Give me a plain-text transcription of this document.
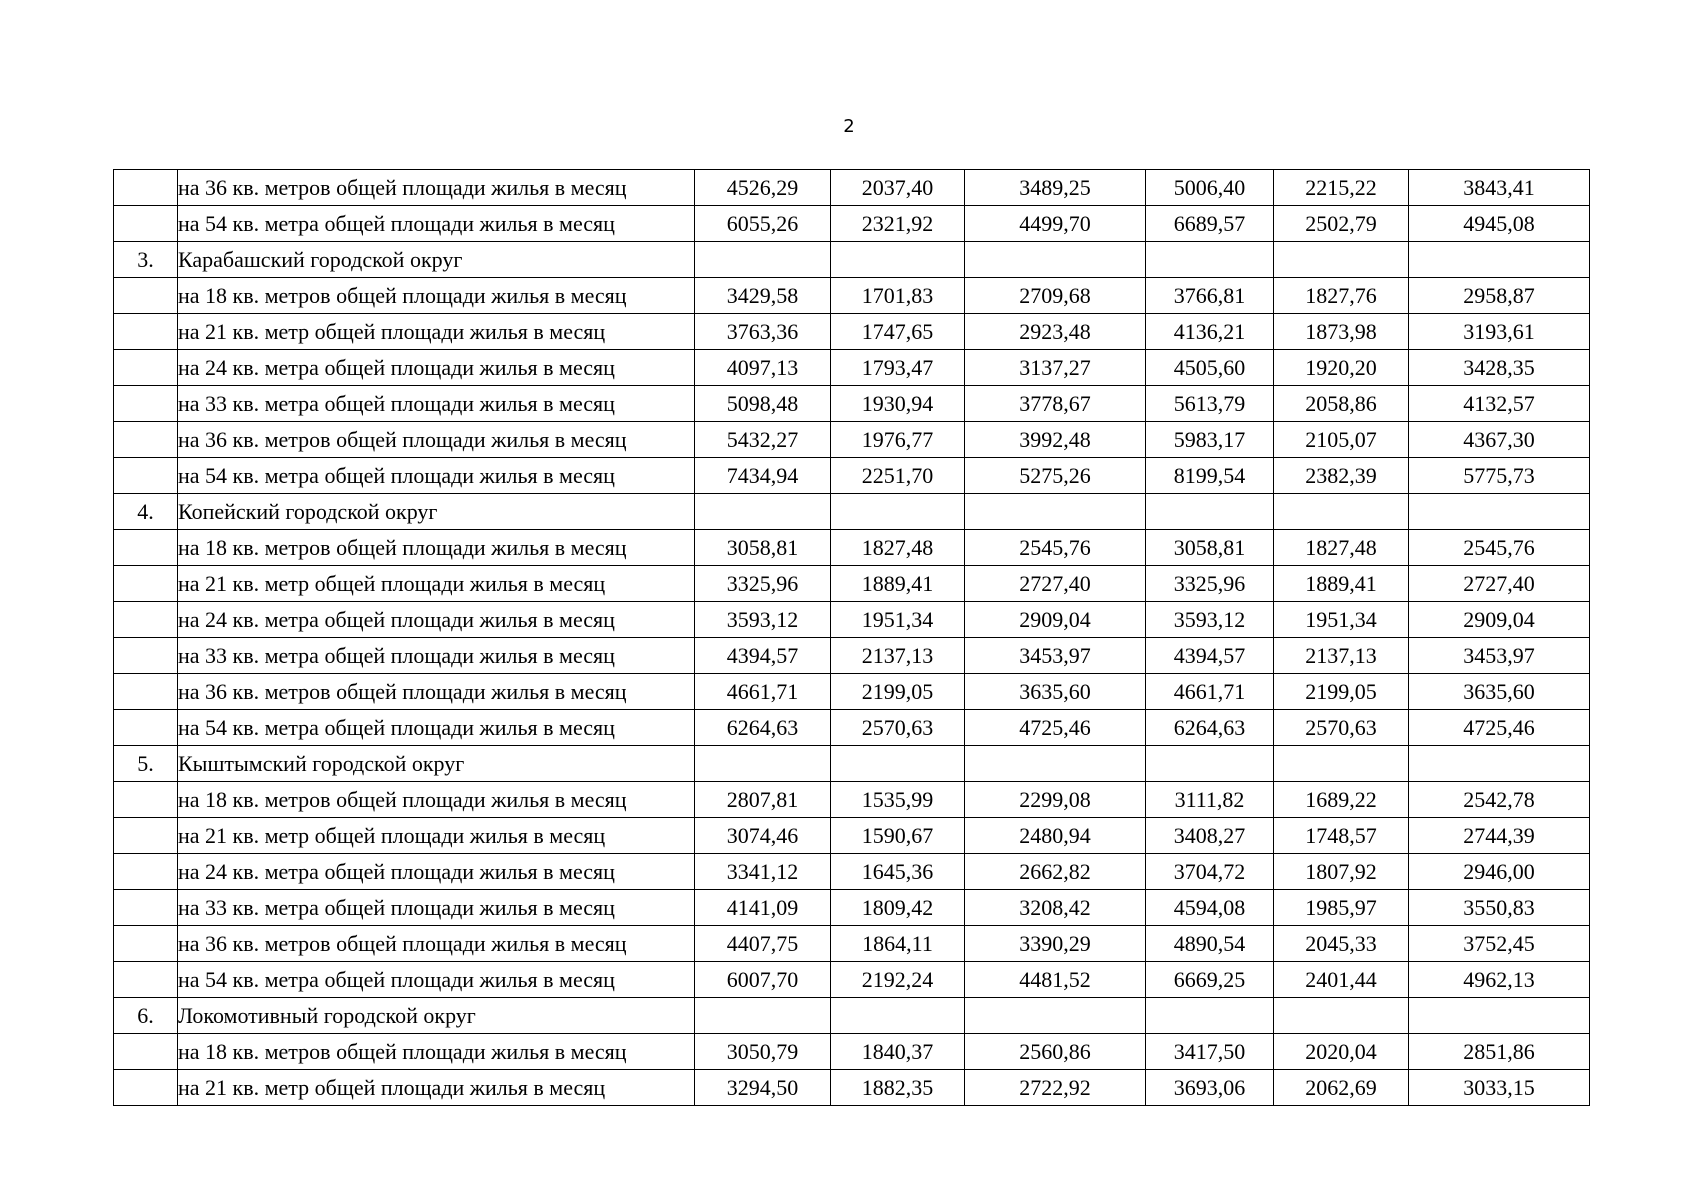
2
	на 36 кв. метров общей площади жилья в месяц	4526,29	2037,40	3489,25	5006,40	2215,22	3843,41
	на 54 кв. метра общей площади жилья в месяц	6055,26	2321,92	4499,70	6689,57	2502,79	4945,08
3.	Карабашский городской округ						
	на 18 кв. метров общей площади жилья в месяц	3429,58	1701,83	2709,68	3766,81	1827,76	2958,87
	на 21 кв. метр общей площади жилья в месяц	3763,36	1747,65	2923,48	4136,21	1873,98	3193,61
	на 24 кв. метра общей площади жилья в месяц	4097,13	1793,47	3137,27	4505,60	1920,20	3428,35
	на 33 кв. метра общей площади жилья в месяц	5098,48	1930,94	3778,67	5613,79	2058,86	4132,57
	на 36 кв. метров общей площади жилья в месяц	5432,27	1976,77	3992,48	5983,17	2105,07	4367,30
	на 54 кв. метра общей площади жилья в месяц	7434,94	2251,70	5275,26	8199,54	2382,39	5775,73
4.	Копейский городской округ						
	на 18 кв. метров общей площади жилья в месяц	3058,81	1827,48	2545,76	3058,81	1827,48	2545,76
	на 21 кв. метр общей площади жилья в месяц	3325,96	1889,41	2727,40	3325,96	1889,41	2727,40
	на 24 кв. метра общей площади жилья в месяц	3593,12	1951,34	2909,04	3593,12	1951,34	2909,04
	на 33 кв. метра общей площади жилья в месяц	4394,57	2137,13	3453,97	4394,57	2137,13	3453,97
	на 36 кв. метров общей площади жилья в месяц	4661,71	2199,05	3635,60	4661,71	2199,05	3635,60
	на 54 кв. метра общей площади жилья в месяц	6264,63	2570,63	4725,46	6264,63	2570,63	4725,46
5.	Кыштымский городской округ						
	на 18 кв. метров общей площади жилья в месяц	2807,81	1535,99	2299,08	3111,82	1689,22	2542,78
	на 21 кв. метр общей площади жилья в месяц	3074,46	1590,67	2480,94	3408,27	1748,57	2744,39
	на 24 кв. метра общей площади жилья в месяц	3341,12	1645,36	2662,82	3704,72	1807,92	2946,00
	на 33 кв. метра общей площади жилья в месяц	4141,09	1809,42	3208,42	4594,08	1985,97	3550,83
	на 36 кв. метров общей площади жилья в месяц	4407,75	1864,11	3390,29	4890,54	2045,33	3752,45
	на 54 кв. метра общей площади жилья в месяц	6007,70	2192,24	4481,52	6669,25	2401,44	4962,13
6.	Локомотивный городской округ						
	на 18 кв. метров общей площади жилья в месяц	3050,79	1840,37	2560,86	3417,50	2020,04	2851,86
	на 21 кв. метр общей площади жилья в месяц	3294,50	1882,35	2722,92	3693,06	2062,69	3033,15
